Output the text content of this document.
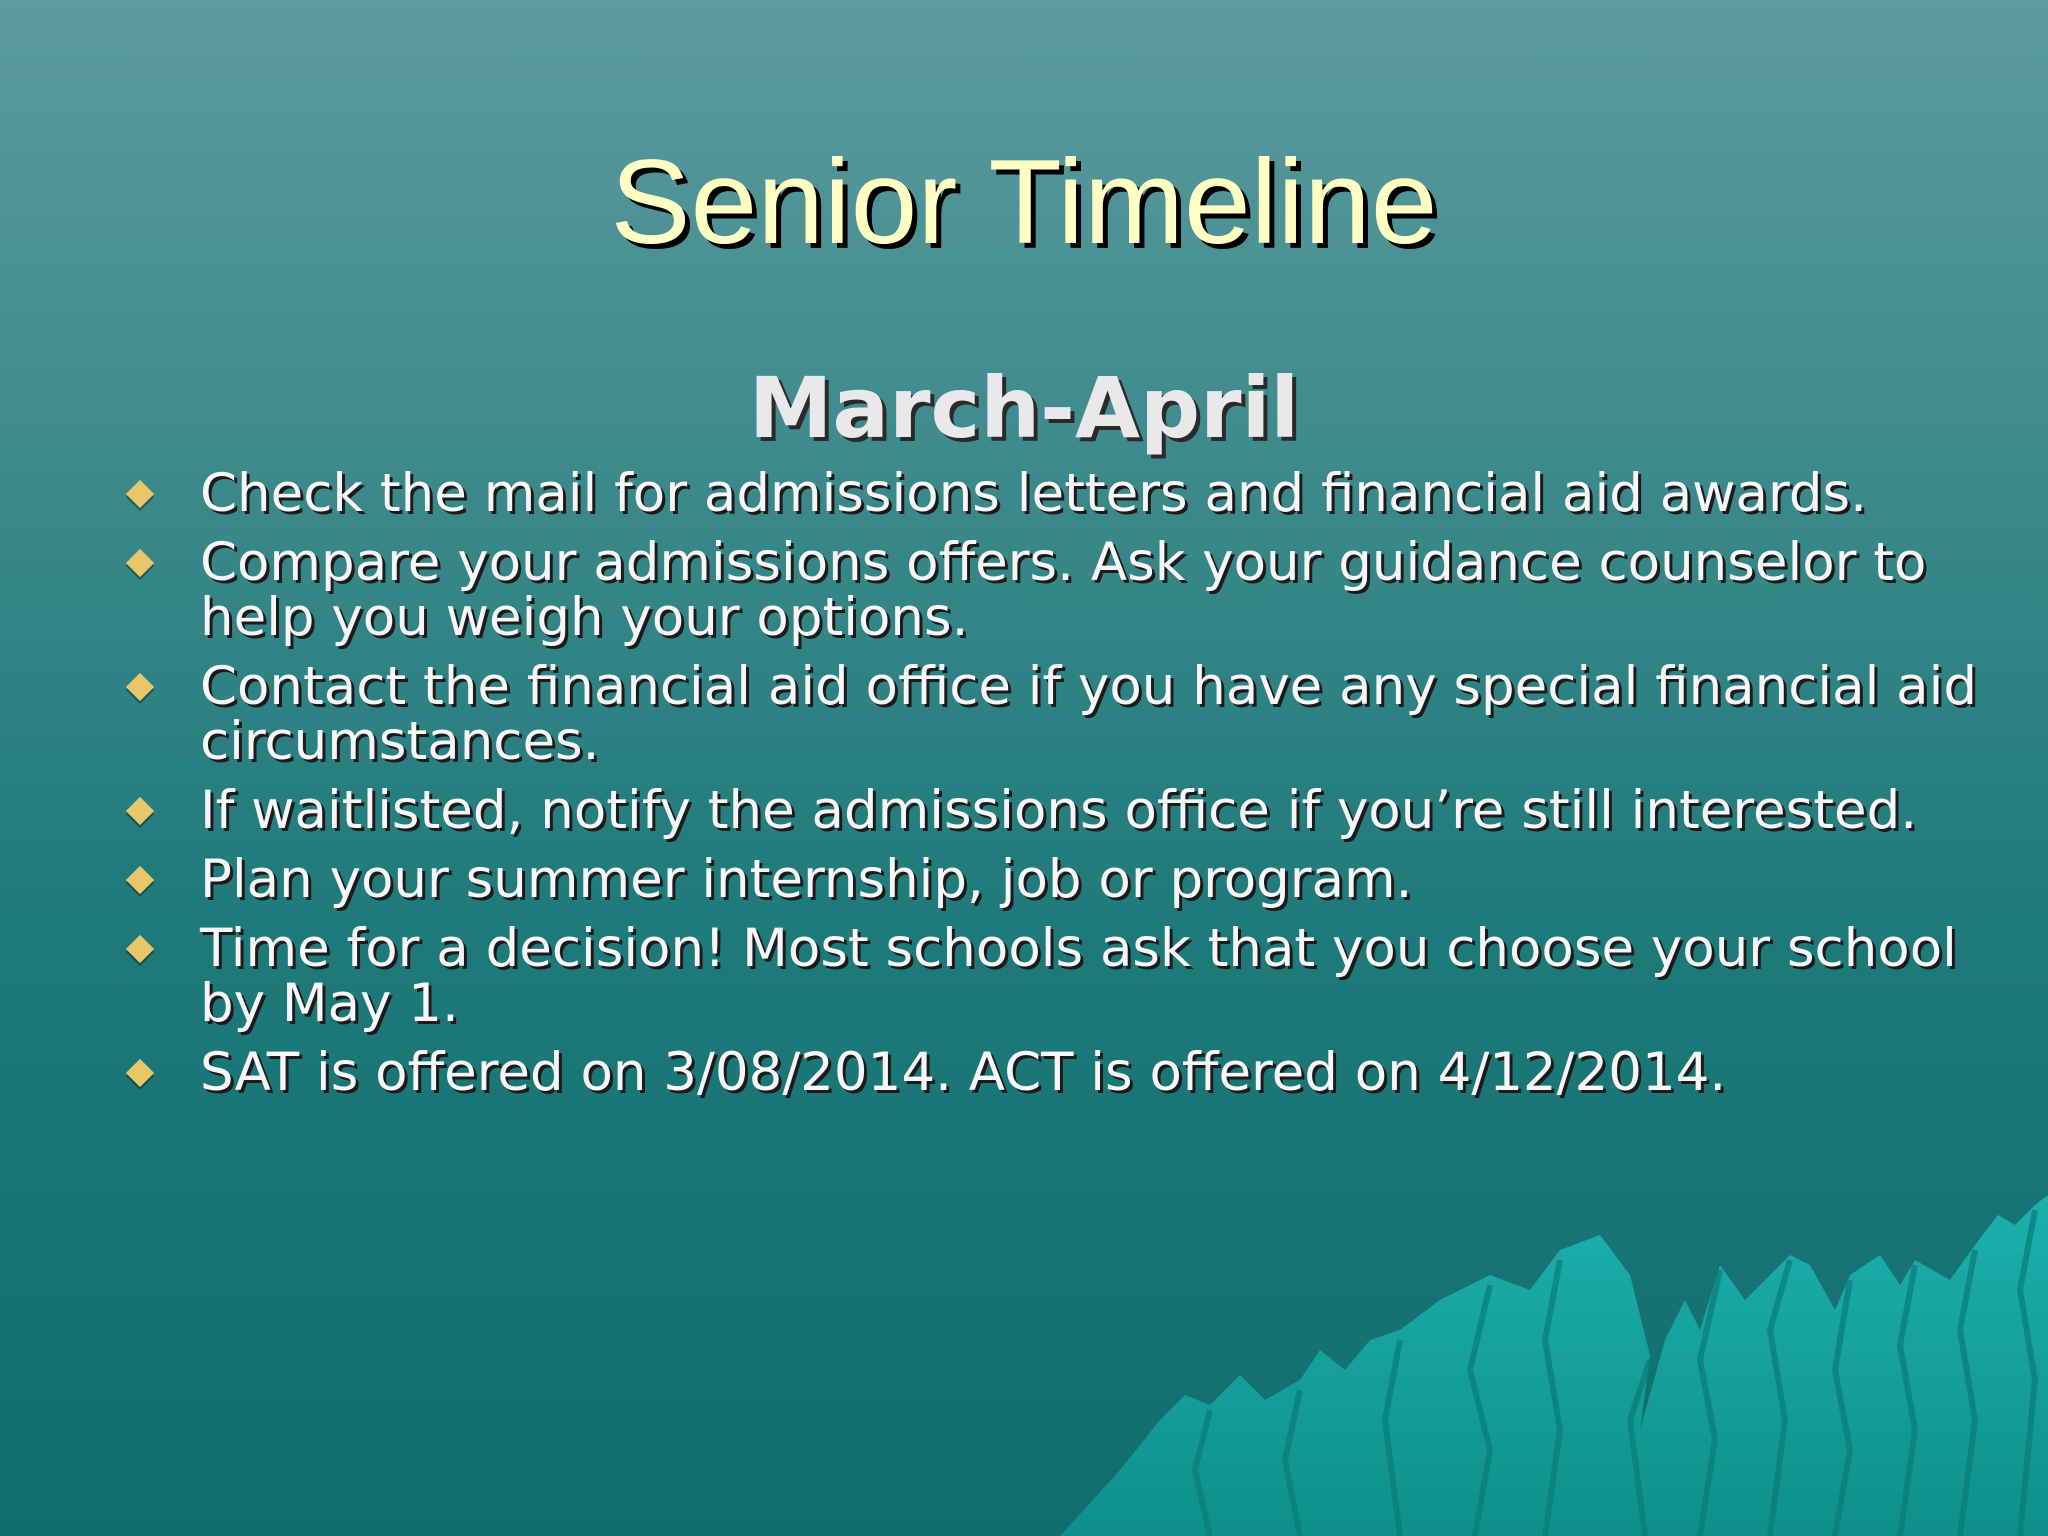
Senior Timeline
March-April
Check the mail for admissions letters and financial aid awards.
Compare your admissions offers. Ask your guidance counselor to help you weigh your options.
Contact the financial aid office if you have any special financial aid circumstances.
If waitlisted, notify the admissions office if you’re still interested.
Plan your summer internship, job or program.
Time for a decision! Most schools ask that you choose your school by May 1.
SAT is offered on 3/08/2014. ACT is offered on 4/12/2014.
